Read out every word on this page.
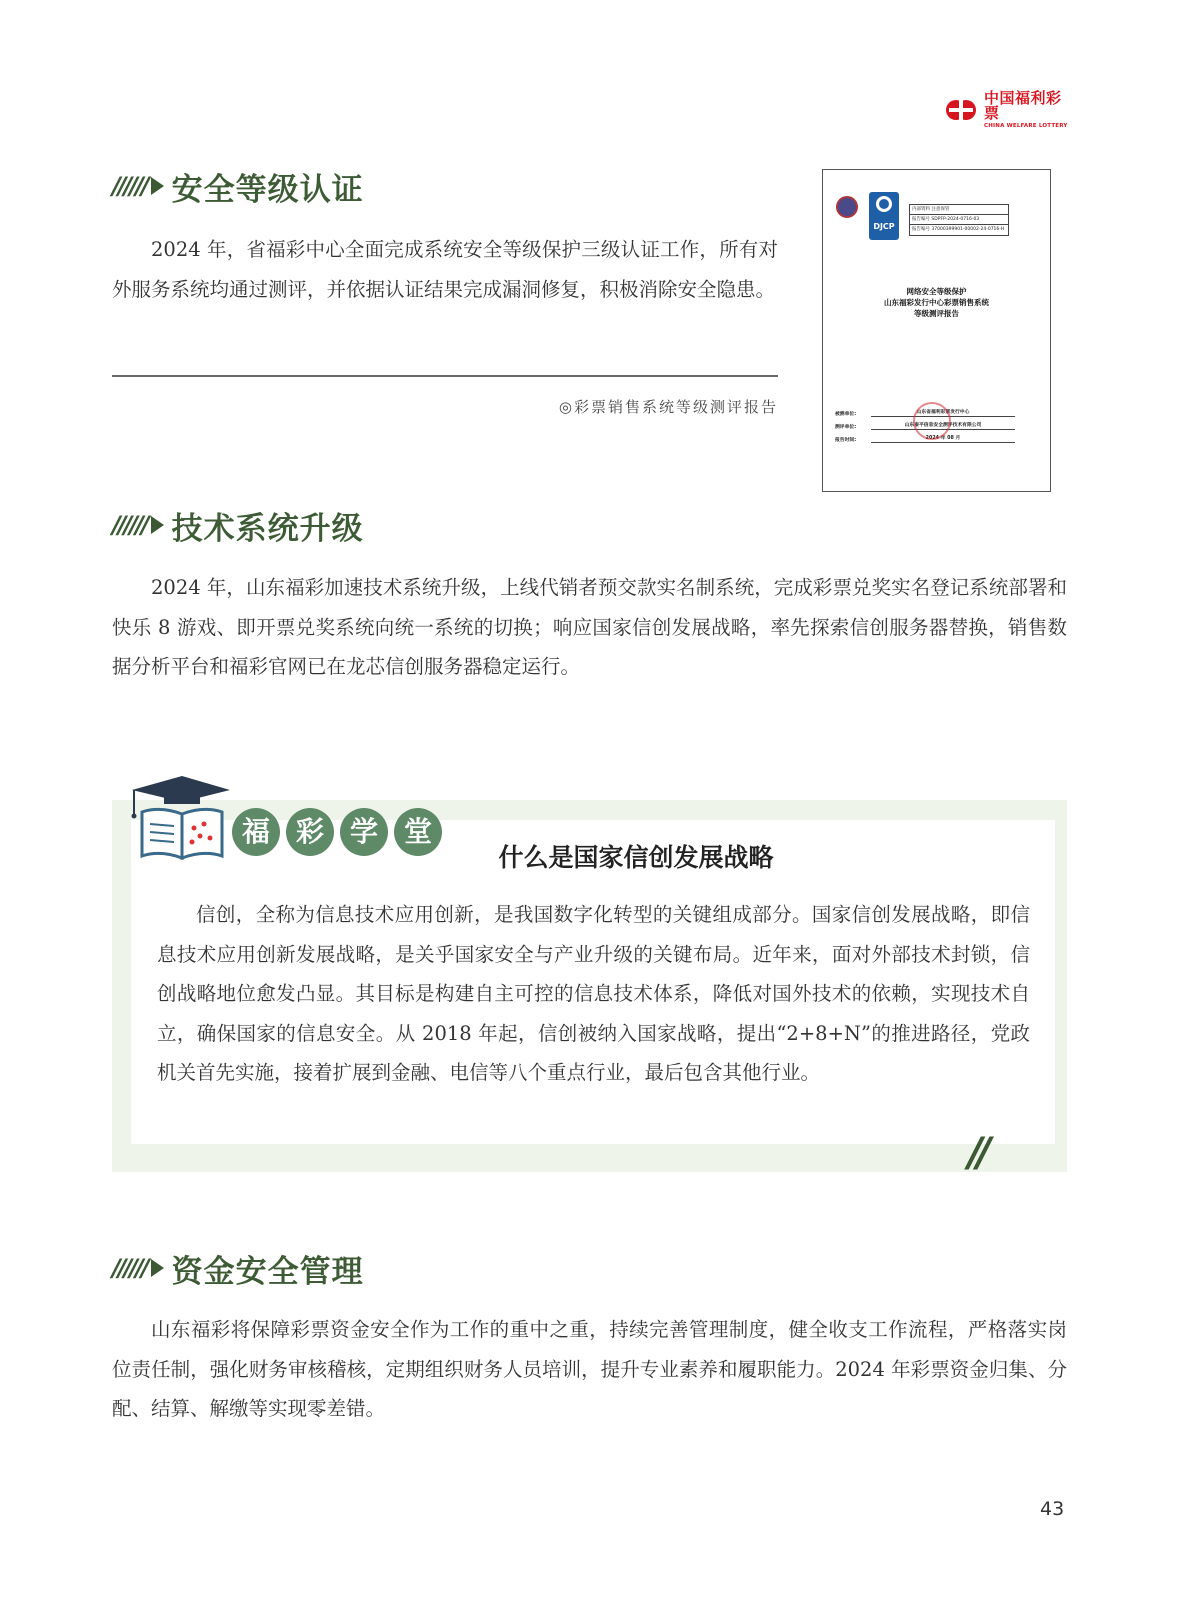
中国福利彩票
CHINA WELFARE LOTTERY
////// 安全等级认证

2024 年，省福彩中心全面完成系统安全等级保护三级认证工作，所有对外服务系统均通过测评，并依据认证结果完成漏洞修复，积极消除安全隐患。

◎彩票销售系统等级测评报告
DJCP
内部资料 注意保管
报告编号 SDPFP-2024-0716-03
报告编号 37000399901-00002-24-0716-H
网络安全等级保护
山东福彩发行中心彩票销售系统
等级测评报告
被测单位:	山东省福利彩票发行中心
测评单位:	山东泰平信息安全测评技术有限公司
报告时间:	2024 年 08 月
////// 技术系统升级

2024 年，山东福彩加速技术系统升级，上线代销者预交款实名制系统，完成彩票兑奖实名登记系统部署和快乐 8 游戏、即开票兑奖系统向统一系统的切换；响应国家信创发展战略，率先探索信创服务器替换，销售数据分析平台和福彩官网已在龙芯信创服务器稳定运行。

福 彩 学 堂
什么是国家信创发展战略

信创，全称为信息技术应用创新，是我国数字化转型的关键组成部分。国家信创发展战略，即信息技术应用创新发展战略，是关乎国家安全与产业升级的关键布局。近年来，面对外部技术封锁，信创战略地位愈发凸显。其目标是构建自主可控的信息技术体系，降低对国外技术的依赖，实现技术自立，确保国家的信息安全。从 2018 年起，信创被纳入国家战略，提出“2+8+N”的推进路径，党政机关首先实施，接着扩展到金融、电信等八个重点行业，最后包含其他行业。

//
////// 资金安全管理

山东福彩将保障彩票资金安全作为工作的重中之重，持续完善管理制度，健全收支工作流程，严格落实岗位责任制，强化财务审核稽核，定期组织财务人员培训，提升专业素养和履职能力。2024 年彩票资金归集、分配、结算、解缴等实现零差错。

43
